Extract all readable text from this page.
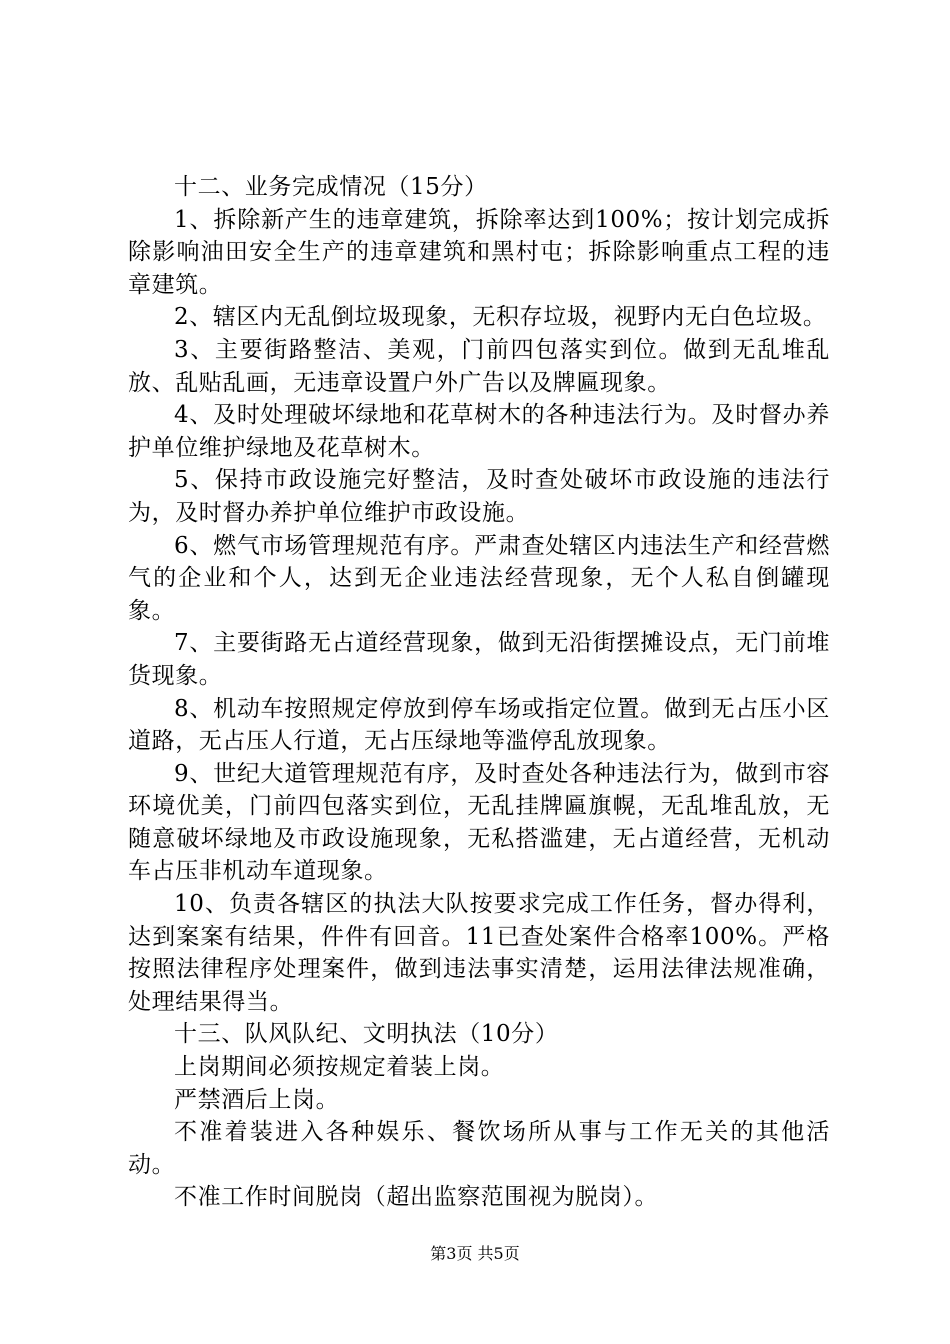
十二、业务完成情况（15分）

1、拆除新产生的违章建筑，拆除率达到100%；按计划完成拆除影响油田安全生产的违章建筑和黑村屯；拆除影响重点工程的违章建筑。

2、辖区内无乱倒垃圾现象，无积存垃圾，视野内无白色垃圾。

3、主要街路整洁、美观，门前四包落实到位。做到无乱堆乱放、乱贴乱画，无违章设置户外广告以及牌匾现象。

4、及时处理破坏绿地和花草树木的各种违法行为。及时督办养护单位维护绿地及花草树木。

5、保持市政设施完好整洁，及时查处破坏市政设施的违法行为，及时督办养护单位维护市政设施。

6、燃气市场管理规范有序。严肃查处辖区内违法生产和经营燃气的企业和个人，达到无企业违法经营现象，无个人私自倒罐现象。

7、主要街路无占道经营现象，做到无沿街摆摊设点，无门前堆货现象。

8、机动车按照规定停放到停车场或指定位置。做到无占压小区道路，无占压人行道，无占压绿地等滥停乱放现象。

9、世纪大道管理规范有序，及时查处各种违法行为，做到市容环境优美，门前四包落实到位，无乱挂牌匾旗幌，无乱堆乱放，无随意破坏绿地及市政设施现象，无私搭滥建，无占道经营，无机动车占压非机动车道现象。

10、负责各辖区的执法大队按要求完成工作任务，督办得利，达到案案有结果，件件有回音。11已查处案件合格率100%。严格按照法律程序处理案件，做到违法事实清楚，运用法律法规准确，处理结果得当。

十三、队风队纪、文明执法（10分）

上岗期间必须按规定着装上岗。

严禁酒后上岗。

不准着装进入各种娱乐、餐饮场所从事与工作无关的其他活动。

不准工作时间脱岗（超出监察范围视为脱岗）。

第3页 共5页
